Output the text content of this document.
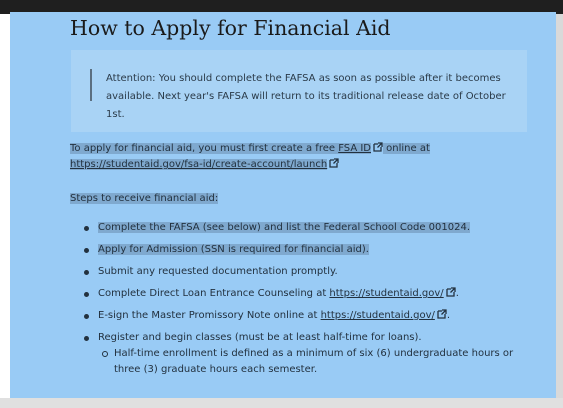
How to Apply for Financial Aid
Attention: You should complete the FAFSA as soon as possible after it becomes
available. Next year's FAFSA will return to its traditional release date of October 1st.
To apply for financial aid, you must first create a free FSA ID online at
https://studentaid.gov/fsa-id/create-account/launch
Steps to receive financial aid:
Complete the FAFSA (see below) and list the Federal School Code 001024.
Apply for Admission (SSN is required for financial aid).
Submit any requested documentation promptly.
Complete Direct Loan Entrance Counseling at https://studentaid.gov/ .
E-sign the Master Promissory Note online at https://studentaid.gov/ .
Register and begin classes (must be at least half-time for loans).
Half-time enrollment is defined as a minimum of six (6) undergraduate hours or
three (3) graduate hours each semester.
